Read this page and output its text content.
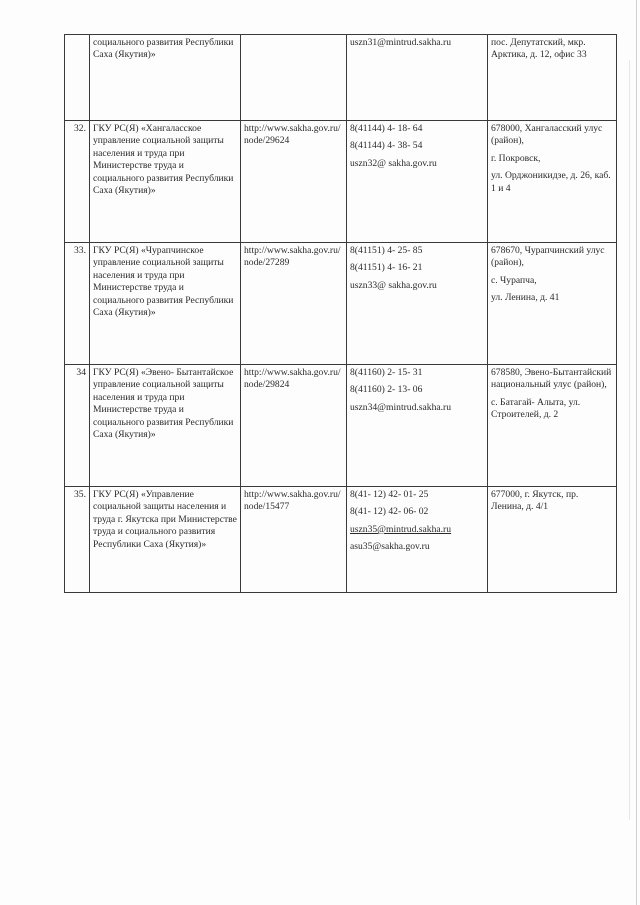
	социального развития Республики Саха (Якутия)»		uszn31@mintrud.sakha.ru	пос. Депутатский, мкр. Арктика, д. 12, офис 33

32.	ГКУ РС(Я) «Хангаласское управление социальной защиты населения и труда при Министерстве труда и социального развития Республики Саха (Якутия)»	http://www.sakha.gov.ru/node/29624	8(41144) 4- 18- 64
8(41144) 4- 38- 54
uszn32@ sakha.gov.ru	678000, Хангаласский улус (район),
г. Покровск,
ул. Орджоникидзе, д. 26, каб. 1 и 4

33.	ГКУ РС(Я) «Чурапчинское управление социальной защиты населения и труда при Министерстве труда и социального развития Республики Саха (Якутия)»	http://www.sakha.gov.ru/node/27289	8(41151) 4- 25- 85
8(41151) 4- 16- 21
uszn33@ sakha.gov.ru	678670, Чурапчинский улус (район),
с. Чурапча,
ул. Ленина, д. 41

34	ГКУ РС(Я) «Эвено- Бытантайское управление социальной защиты населения и труда при Министерстве труда и социального развития Республики Саха (Якутия)»	http://www.sakha.gov.ru/node/29824	8(41160) 2- 15- 31
8(41160) 2- 13- 06
uszn34@mintrud.sakha.ru	678580, Эвено-Бытантайский национальный улус (район),
с. Батагай- Алыта, ул. Строителей, д. 2

35.	ГКУ РС(Я) «Управление социальной защиты населения и труда г. Якутска при Министерстве труда и социального развития Республики Саха (Якутия)»	http://www.sakha.gov.ru/node/15477	8(41- 12) 42- 01- 25
8(41- 12) 42- 06- 02
uszn35@mintrud.sakha.ru
asu35@sakha.gov.ru	677000, г. Якутск, пр. Ленина, д. 4/1
